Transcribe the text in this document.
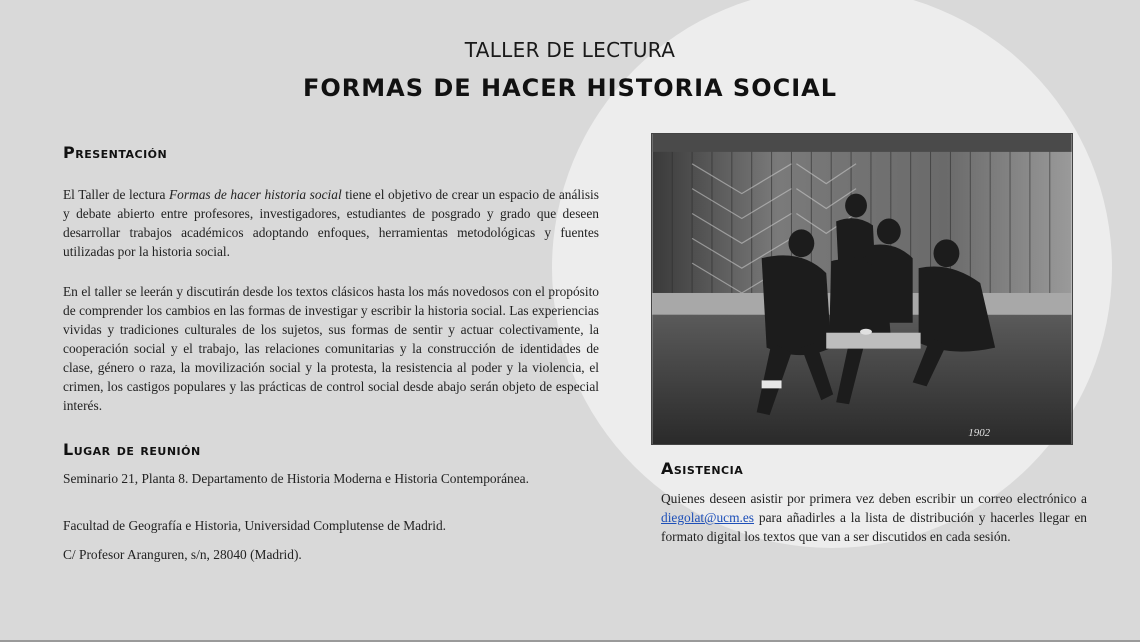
TALLER DE LECTURA
FORMAS DE HACER HISTORIA SOCIAL
Presentación

El Taller de lectura Formas de hacer historia social tiene el objetivo de crear un espacio de análisis y debate abierto entre profesores, investigadores, estudiantes de posgrado y grado que deseen desarrollar trabajos académicos adoptando enfoques, herramientas metodológicas y fuentes utilizadas por la historia social.

En el taller se leerán y discutirán desde los textos clásicos hasta los más novedosos con el propósito de comprender los cambios en las formas de investigar y escribir la historia social. Las experiencias vividas y tradiciones culturales de los sujetos, sus formas de sentir y actuar colectivamente, la cooperación social y el trabajo, las relaciones comunitarias y la construcción de identidades de clase, género o raza, la movilización social y la protesta, la resistencia al poder y la violencia, el crimen, los castigos populares y las prácticas de control social desde abajo serán objeto de especial interés.

Lugar de reunión

Seminario 21, Planta 8. Departamento de Historia Moderna e Historia Contemporánea.

Facultad de Geografía e Historia, Universidad Complutense de Madrid.

C/ Profesor Aranguren, s/n, 28040 (Madrid).

1902
Asistencia

Quienes deseen asistir por primera vez deben escribir un correo electrónico a diegolat@ucm.es para añadirles a la lista de distribución y hacerles llegar en formato digital los textos que van a ser discutidos en cada sesión.
